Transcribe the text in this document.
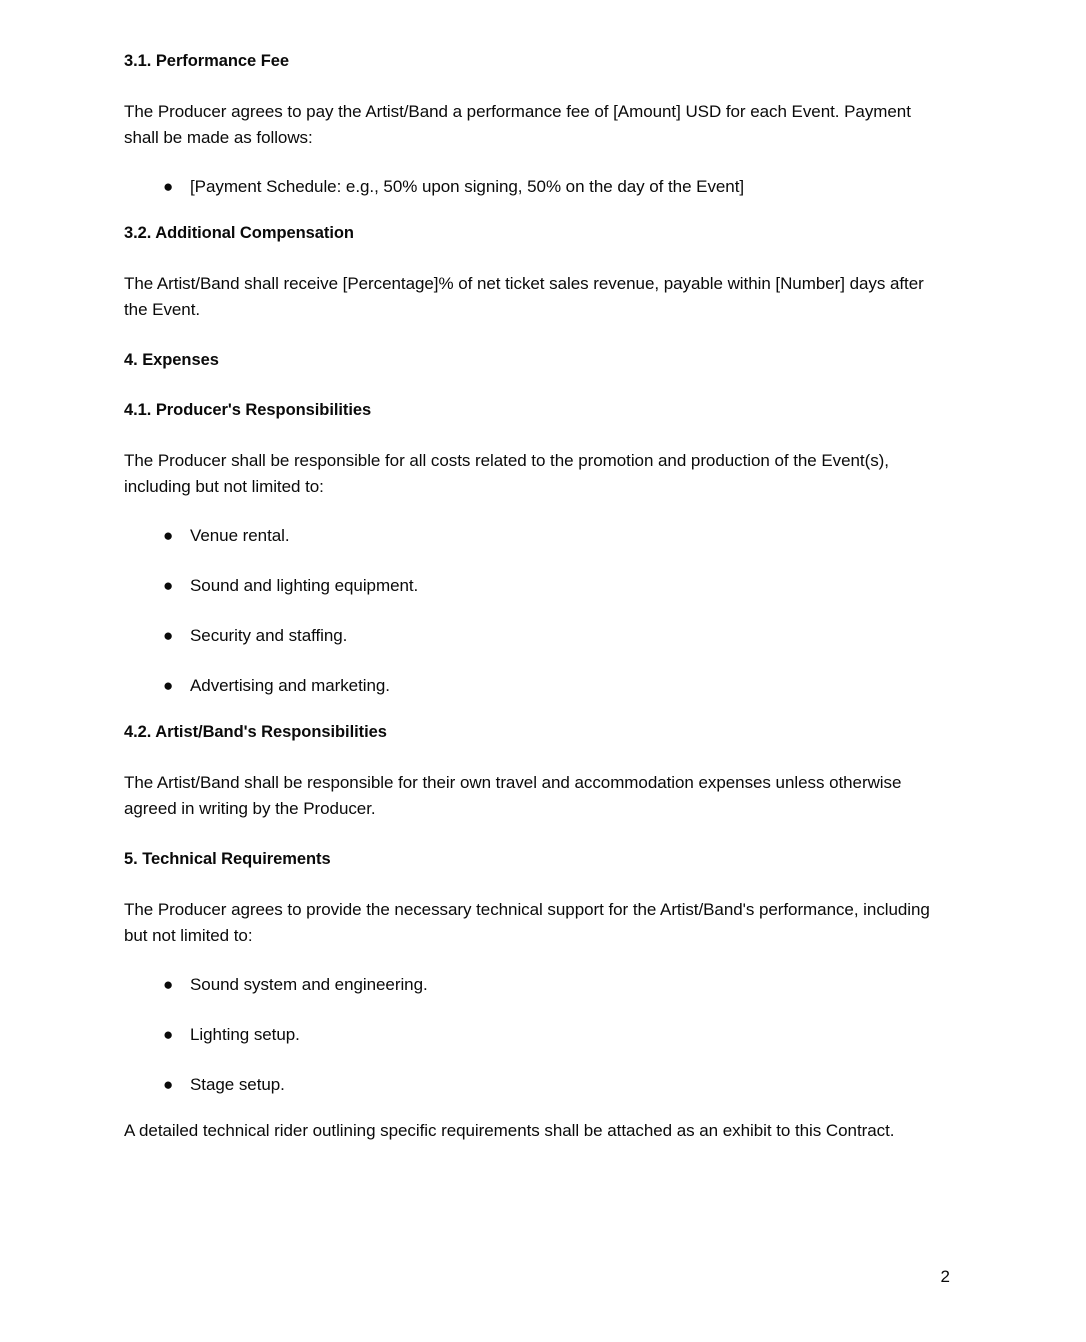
3.1. Performance Fee

The Producer agrees to pay the Artist/Band a performance fee of [Amount] USD for each Event. Payment shall be made as follows:

● [Payment Schedule: e.g., 50% upon signing, 50% on the day of the Event]
3.2. Additional Compensation

The Artist/Band shall receive [Percentage]% of net ticket sales revenue, payable within [Number] days after the Event.

4. Expenses
4.1. Producer's Responsibilities

The Producer shall be responsible for all costs related to the promotion and production of the Event(s), including but not limited to:

● Venue rental.
● Sound and lighting equipment.
● Security and staffing.
● Advertising and marketing.
4.2. Artist/Band's Responsibilities

The Artist/Band shall be responsible for their own travel and accommodation expenses unless otherwise agreed in writing by the Producer.

5. Technical Requirements

The Producer agrees to provide the necessary technical support for the Artist/Band's performance, including but not limited to:

● Sound system and engineering.
● Lighting setup.
● Stage setup.

A detailed technical rider outlining specific requirements shall be attached as an exhibit to this Contract.

2
